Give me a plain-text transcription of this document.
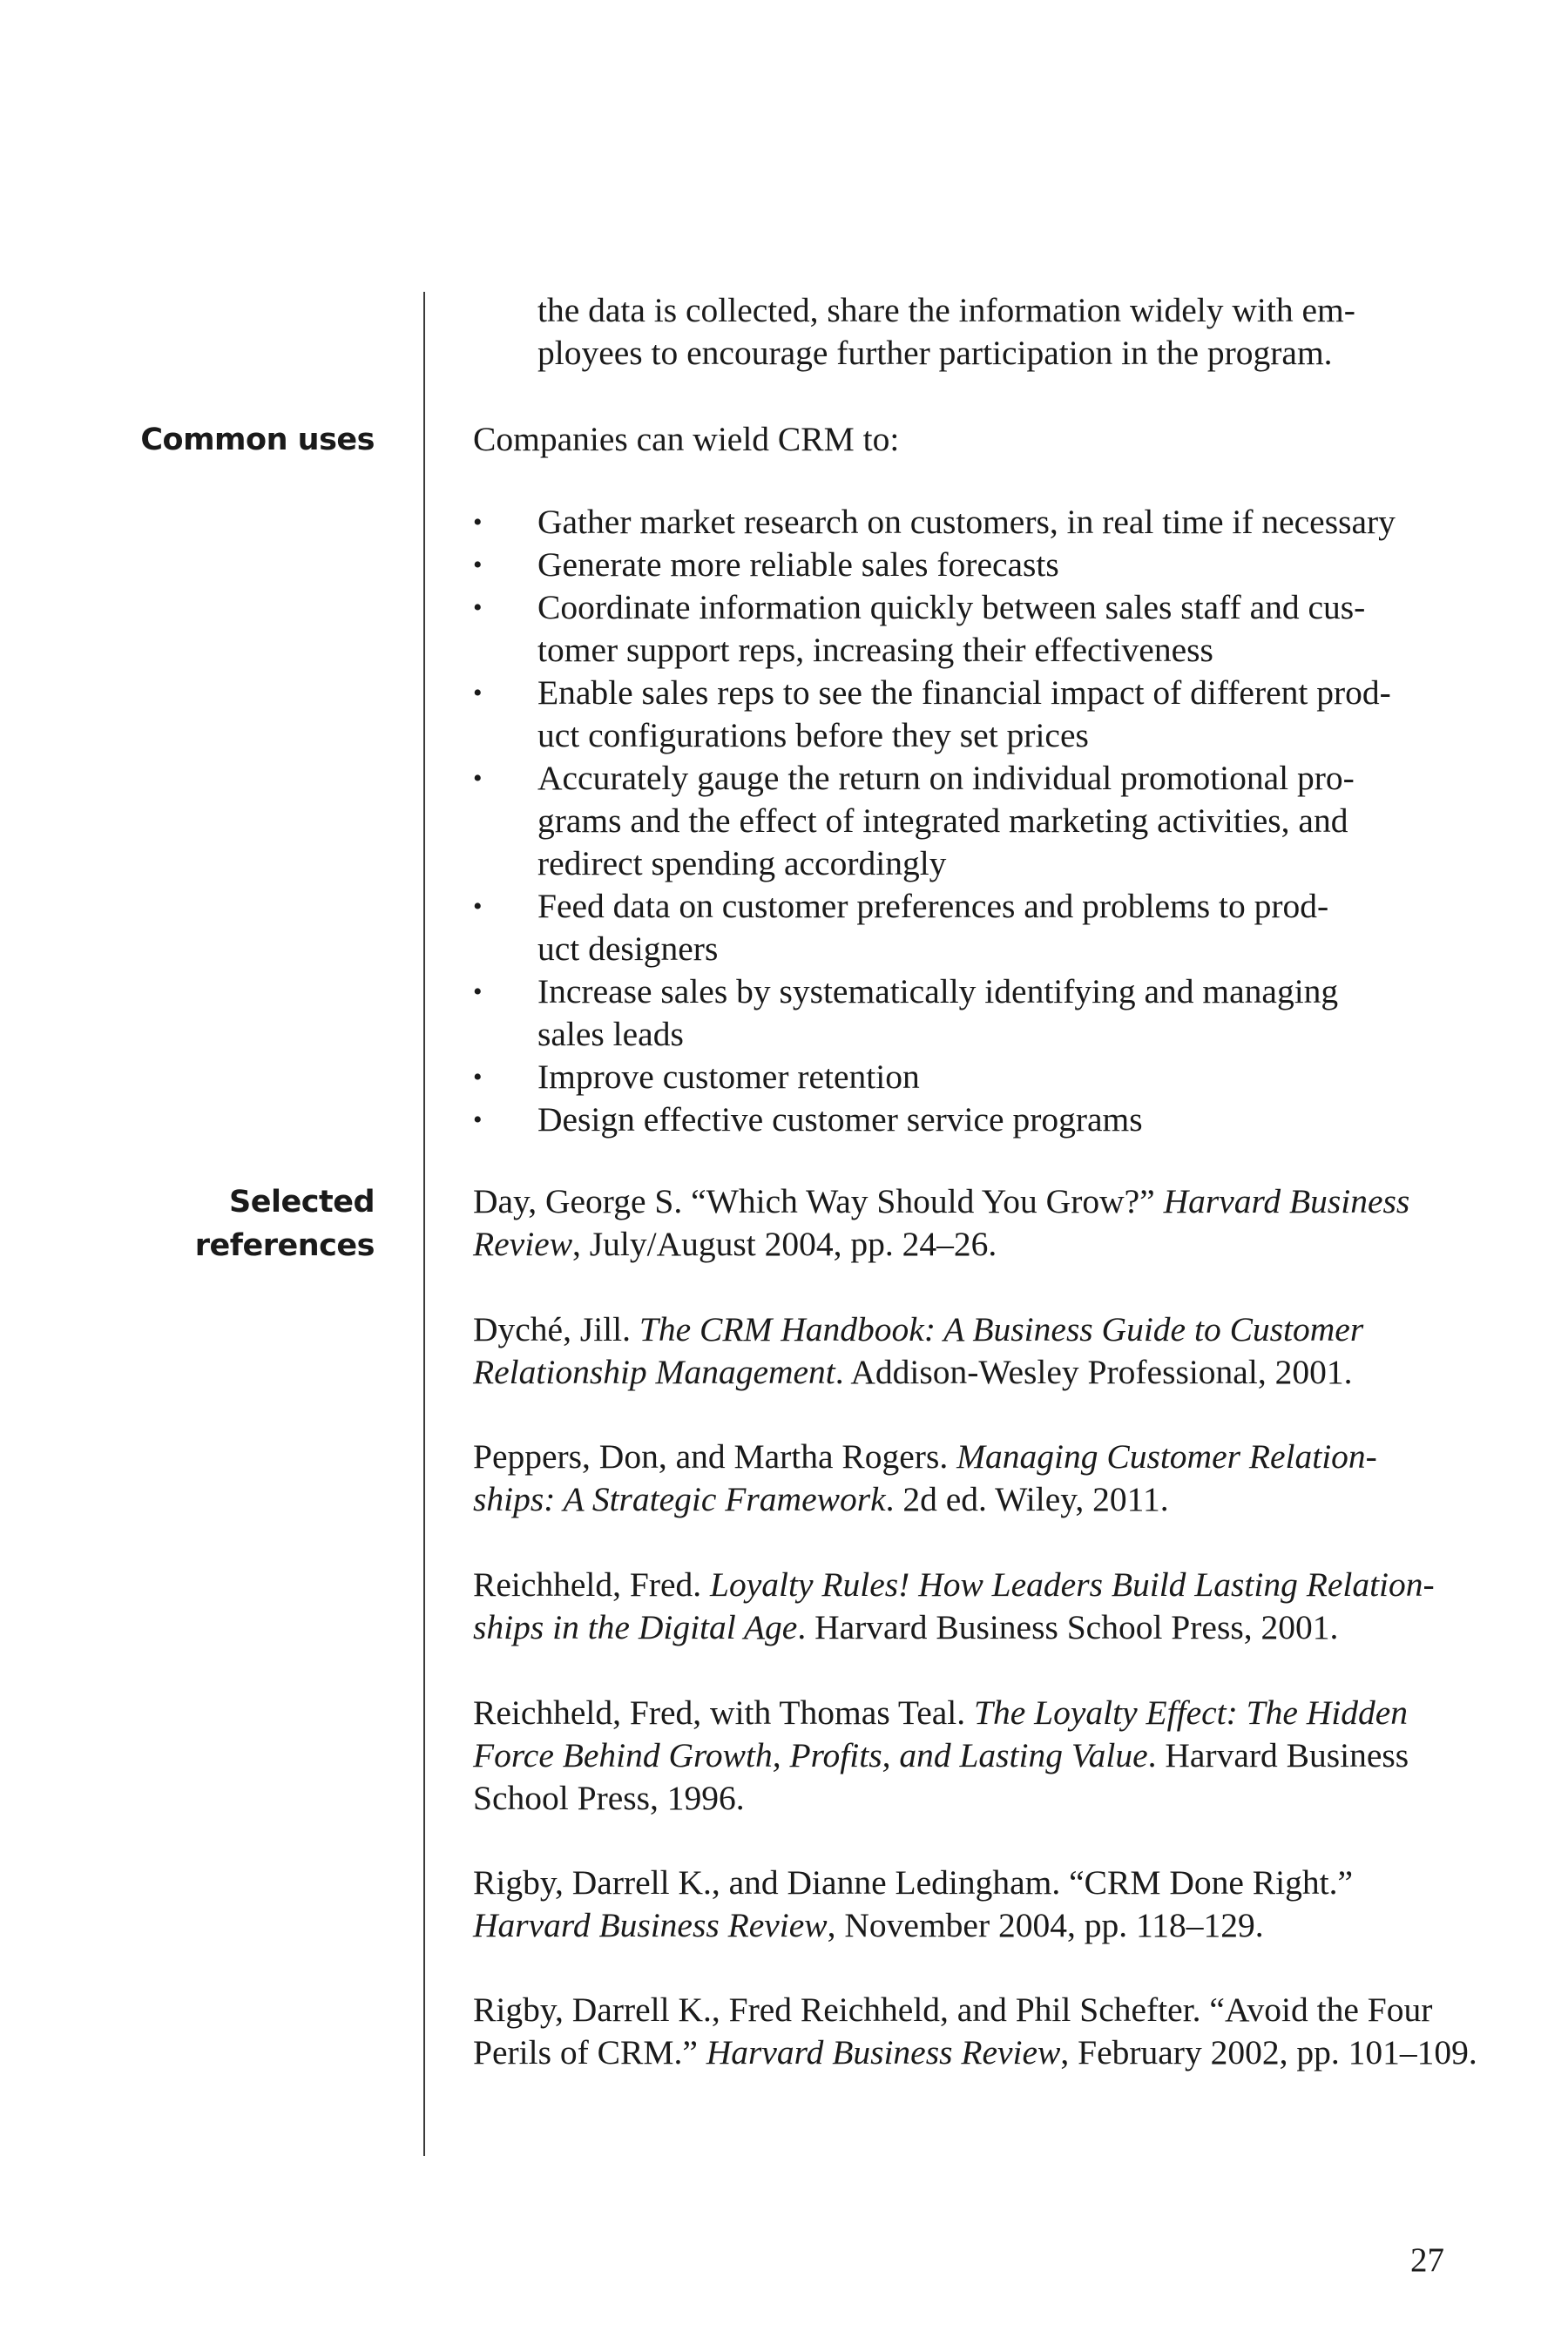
Common uses
Selected
references
the data is collected, share the information widely with em-
ployees to encourage further participation in the program.
Companies can wield CRM to:
•	Gather market research on customers, in real time if necessary
•	Generate more reliable sales forecasts
•	Coordinate information quickly between sales staff and cus-
tomer support reps, increasing their effectiveness
•	Enable sales reps to see the financial impact of different prod-
uct configurations before they set prices
•	Accurately gauge the return on individual promotional pro-
grams and the effect of integrated marketing activities, and
redirect spending accordingly
•	Feed data on customer preferences and problems to prod-
uct designers
•	Increase sales by systematically identifying and managing
sales leads
•	Improve customer retention
•	Design effective customer service programs
Day, George S. “Which Way Should You Grow?” Harvard Business
Review, July/August 2004, pp. 24–26.
Dyché, Jill. The CRM Handbook: A Business Guide to Customer
Relationship Management. Addison-Wesley Professional, 2001.
Peppers, Don, and Martha Rogers. Managing Customer Relation-
ships: A Strategic Framework. 2d ed. Wiley, 2011.
Reichheld, Fred. Loyalty Rules! How Leaders Build Lasting Relation-
ships in the Digital Age. Harvard Business School Press, 2001.
Reichheld, Fred, with Thomas Teal. The Loyalty Effect: The Hidden
Force Behind Growth, Profits, and Lasting Value. Harvard Business
School Press, 1996.
Rigby, Darrell K., and Dianne Ledingham. “CRM Done Right.”
Harvard Business Review, November 2004, pp. 118–129.
Rigby, Darrell K., Fred Reichheld, and Phil Schefter. “Avoid the Four
Perils of CRM.” Harvard Business Review, February 2002, pp. 101–109.
27
